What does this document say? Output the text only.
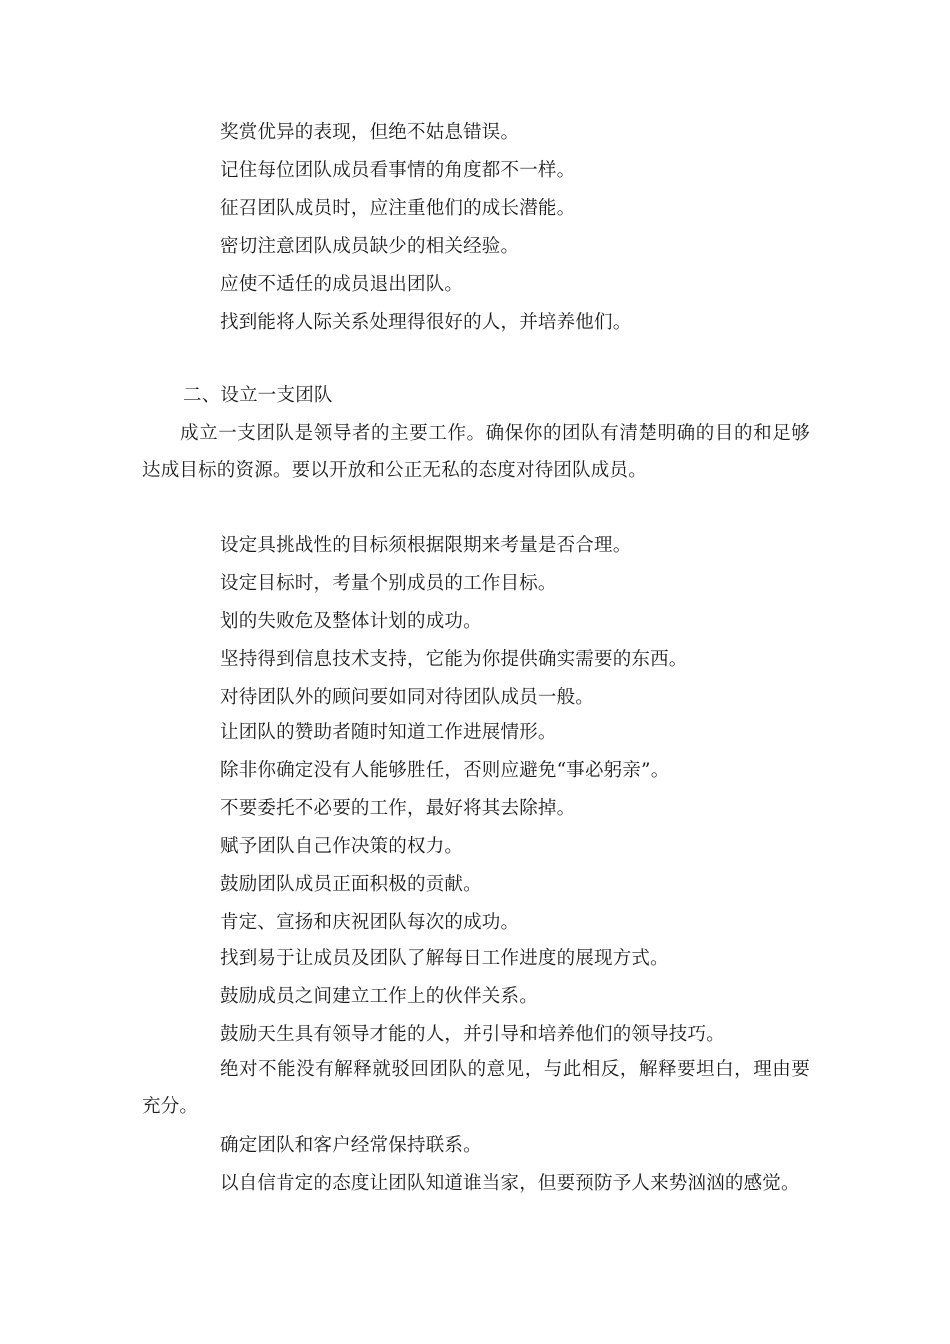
奖赏优异的表现，但绝不姑息错误。
记住每位团队成员看事情的角度都不一样。
征召团队成员时，应注重他们的成长潜能。
密切注意团队成员缺少的相关经验。
应使不适任的成员退出团队。
找到能将人际关系处理得很好的人，并培养他们。
二、设立一支团队
成立一支团队是领导者的主要工作。确保你的团队有清楚明确的目的和足够达成目标的资源。要以开放和公正无私的态度对待团队成员。
设定具挑战性的目标须根据限期来考量是否合理。
设定目标时，考量个别成员的工作目标。
划的失败危及整体计划的成功。
坚持得到信息技术支持，它能为你提供确实需要的东西。
对待团队外的顾问要如同对待团队成员一般。
让团队的赞助者随时知道工作进展情形。
除非你确定没有人能够胜任，否则应避免“事必躬亲”。
不要委托不必要的工作，最好将其去除掉。
赋予团队自己作决策的权力。
鼓励团队成员正面积极的贡献。
肯定、宣扬和庆祝团队每次的成功。
找到易于让成员及团队了解每日工作进度的展现方式。
鼓励成员之间建立工作上的伙伴关系。
鼓励天生具有领导才能的人，并引导和培养他们的领导技巧。
绝对不能没有解释就驳回团队的意见，与此相反，解释要坦白，理由要充分。
确定团队和客户经常保持联系。
以自信肯定的态度让团队知道谁当家，但要预防予人来势汹汹的感觉。
